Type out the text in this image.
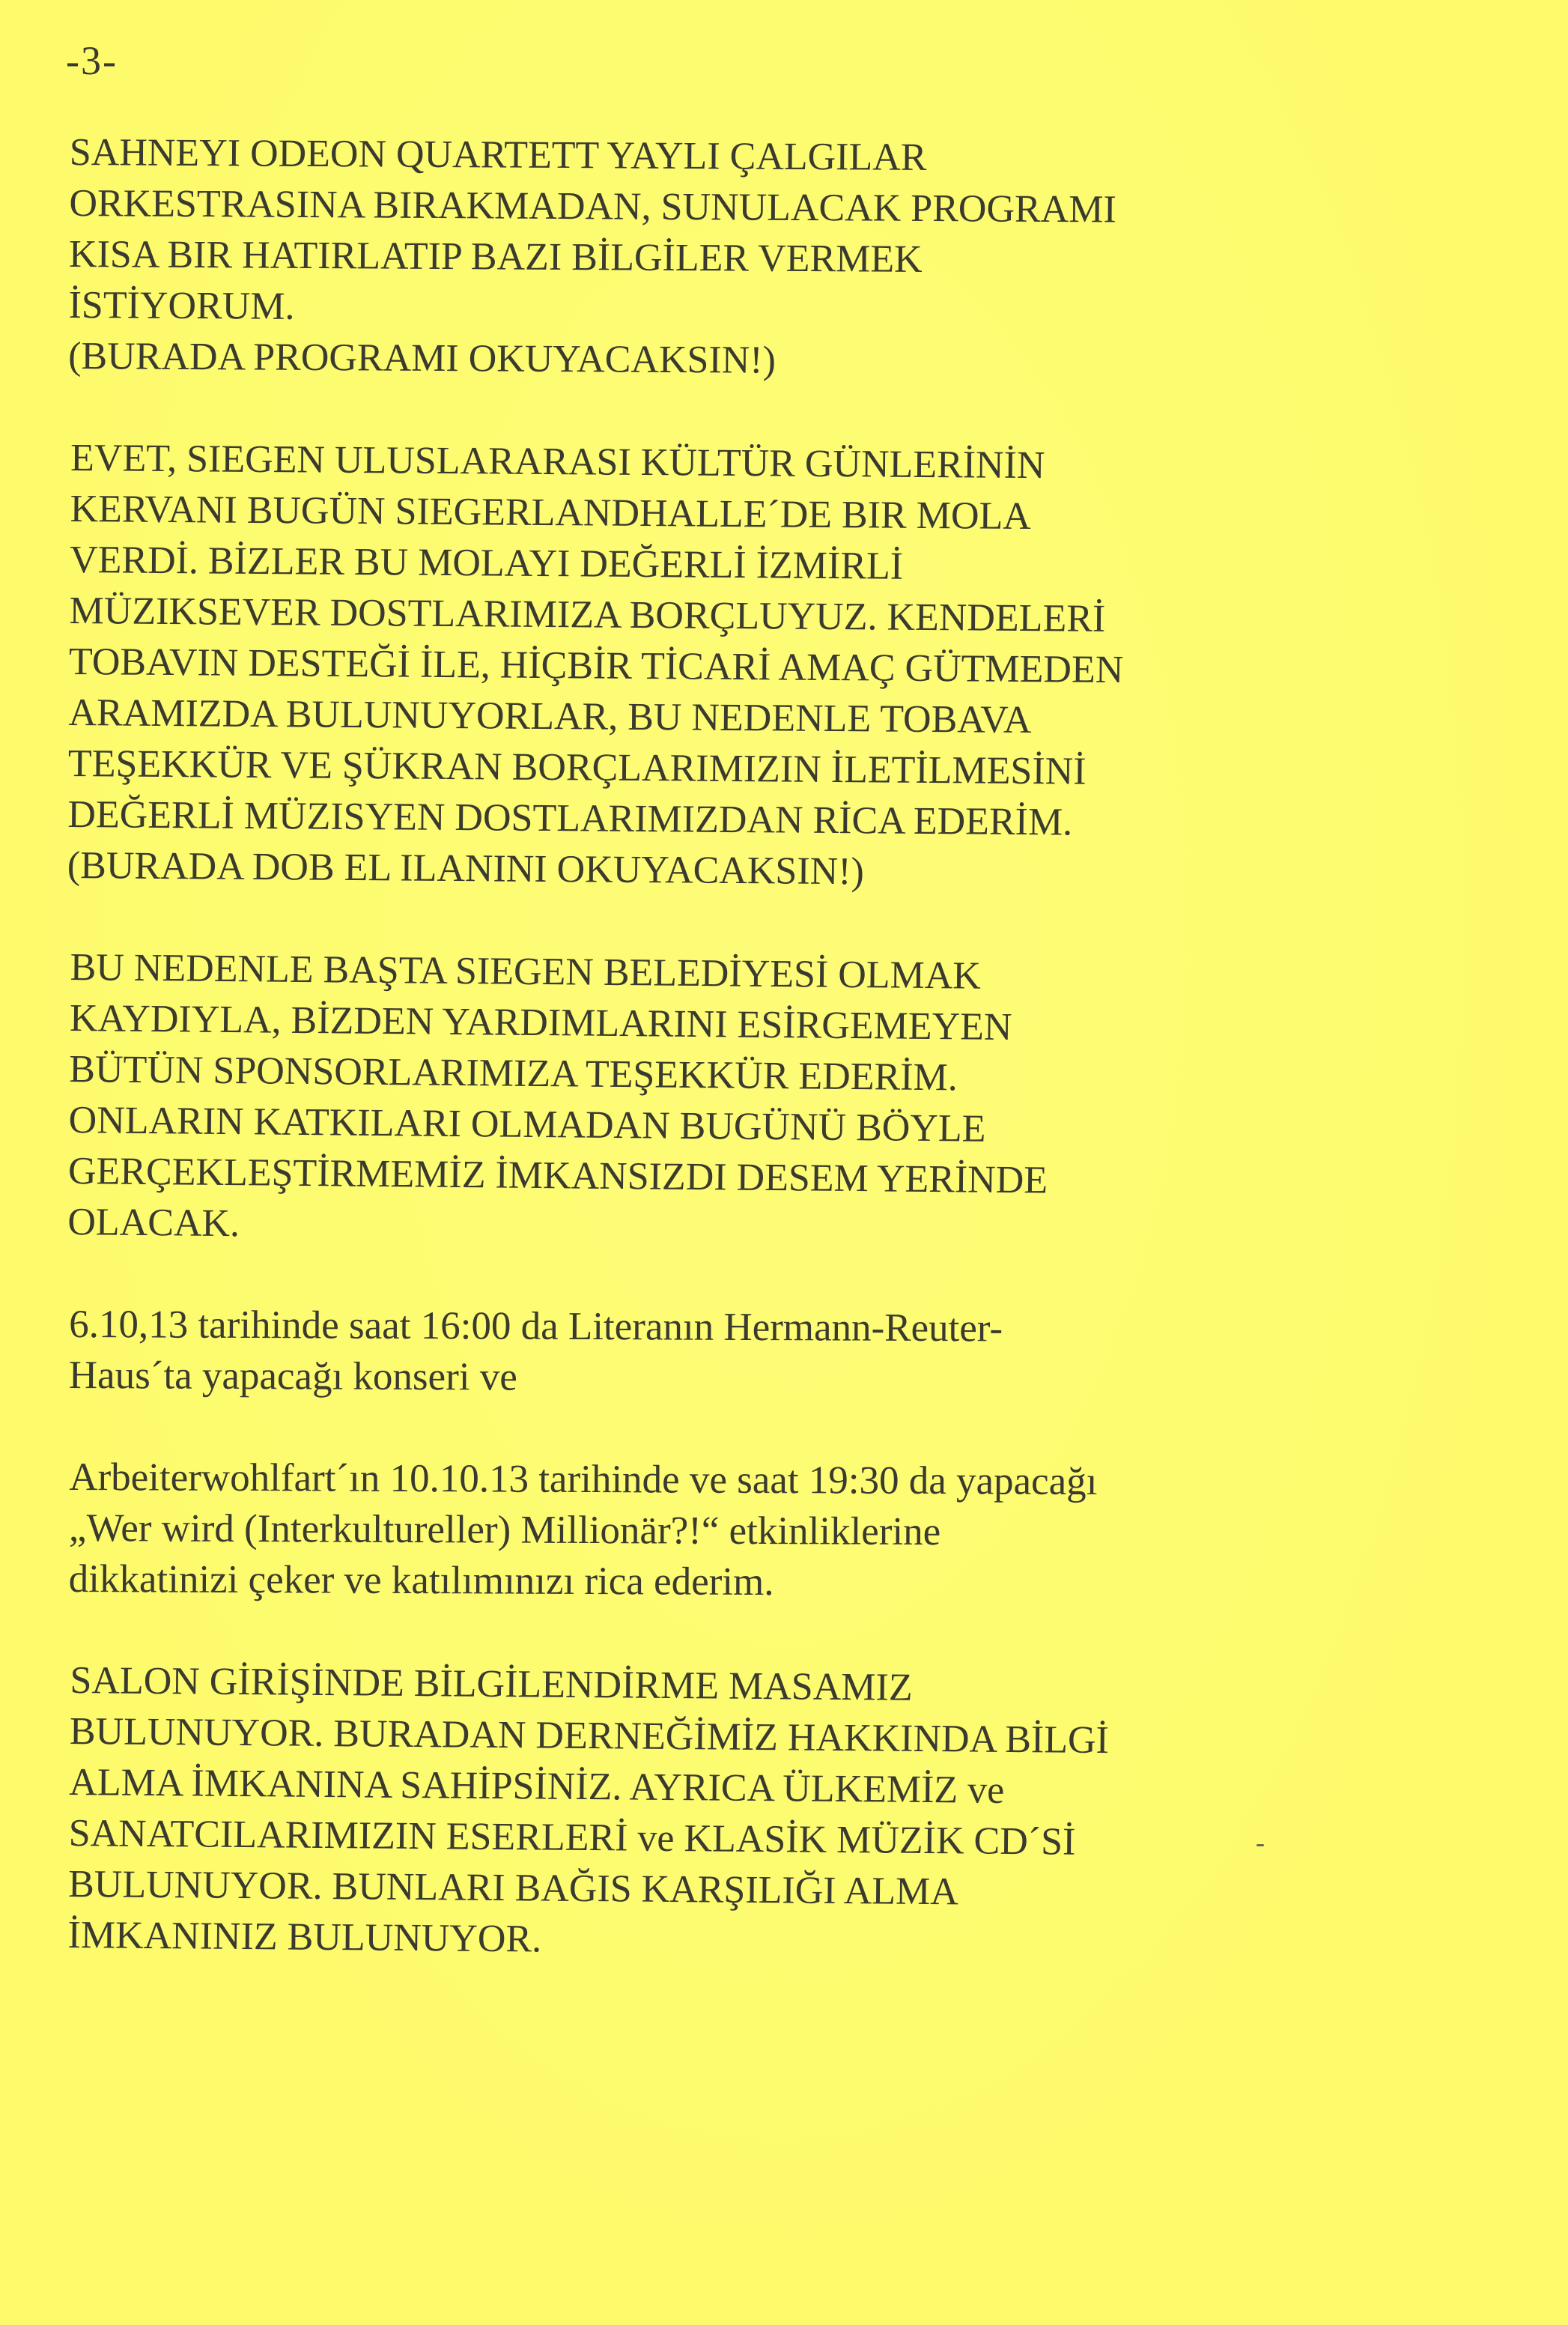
-3-

SAHNEYI ODEON QUARTETT YAYLI ÇALGILAR
ORKESTRASINA BIRAKMADAN, SUNULACAK PROGRAMI
KISA BIR HATIRLATIP BAZI BİLGİLER VERMEK
İSTİYORUM.
(BURADA PROGRAMI OKUYACAKSIN!)

EVET, SIEGEN ULUSLARARASI KÜLTÜR GÜNLERİNİN
KERVANI BUGÜN SIEGERLANDHALLE´DE BIR MOLA
VERDİ. BİZLER BU MOLAYI DEĞERLİ İZMİRLİ
MÜZIKSEVER DOSTLARIMIZA BORÇLUYUZ. KENDELERİ
TOBAVIN DESTEĞİ İLE, HİÇBİR TİCARİ AMAÇ GÜTMEDEN
ARAMIZDA BULUNUYORLAR, BU NEDENLE TOBAVA
TEŞEKKÜR VE ŞÜKRAN BORÇLARIMIZIN İLETİLMESİNİ
DEĞERLİ MÜZISYEN DOSTLARIMIZDAN RİCA EDERİM.
(BURADA DOB EL ILANINI OKUYACAKSIN!)

BU NEDENLE BAŞTA SIEGEN BELEDİYESİ OLMAK
KAYDIYLA, BİZDEN YARDIMLARINI ESİRGEMEYEN
BÜTÜN SPONSORLARIMIZA TEŞEKKÜR EDERİM.
ONLARIN KATKILARI OLMADAN BUGÜNÜ BÖYLE
GERÇEKLEŞTİRMEMİZ İMKANSIZDI DESEM YERİNDE
OLACAK.

6.10,13 tarihinde saat 16:00 da Literanın Hermann-Reuter-
Haus´ta yapacağı konseri ve

Arbeiterwohlfart´ın 10.10.13 tarihinde ve saat 19:30 da yapacağı
„Wer wird (Interkultureller) Millionär?!“ etkinliklerine
dikkatinizi çeker ve katılımınızı rica ederim.

SALON GİRİŞİNDE BİLGİLENDİRME MASAMIZ
BULUNUYOR. BURADAN DERNEĞİMİZ HAKKINDA BİLGİ
ALMA İMKANINA SAHİPSİNİZ. AYRICA ÜLKEMİZ ve
SANATCILARIMIZIN ESERLERİ ve KLASİK MÜZİK CD´Sİ
BULUNUYOR. BUNLARI BAĞIS KARŞILIĞI ALMA
İMKANINIZ BULUNUYOR.
